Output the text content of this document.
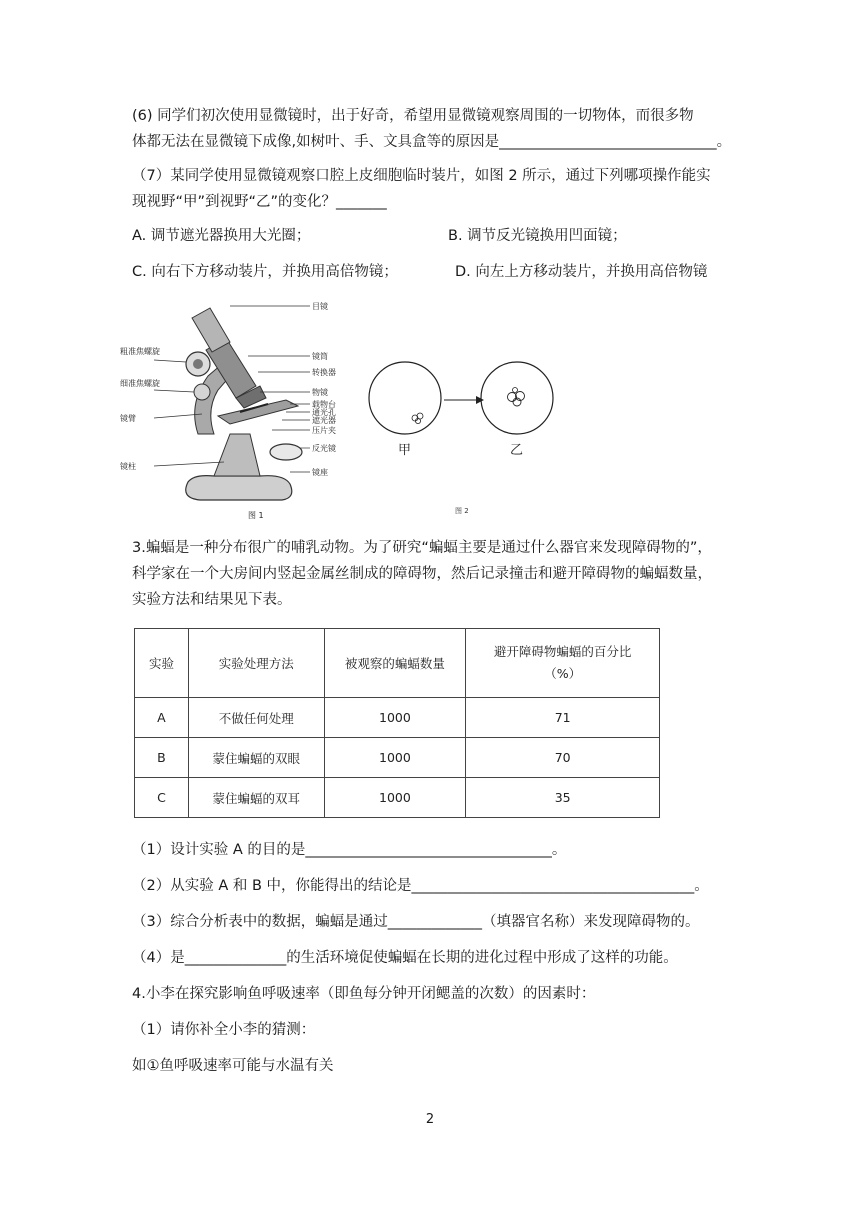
(6) 同学们初次使用显微镜时，出于好奇，希望用显微镜观察周围的一切物体，而很多物
体都无法在显微镜下成像,如树叶、手、文具盒等的原因是______________________________。
（7）某同学使用显微镜观察口腔上皮细胞临时装片，如图 2 所示，通过下列哪项操作能实
现视野“甲”到视野“乙”的变化？_______
A. 调节遮光器换用大光圈；	B. 调节反光镜换用凹面镜；
C. 向右下方移动装片，并换用高倍物镜；	D. 向左上方移动装片，并换用高倍物镜
目镜
镜筒
转换器
物镜
载物台
通光孔
遮光器
压片夹
反光镜
镜座
粗准焦螺旋
细准焦螺旋
镜臂
镜柱
图 1
甲	乙
图 2
3.蝙蝠是一种分布很广的哺乳动物。为了研究“蝙蝠主要是通过什么器官来发现障碍物的”，
科学家在一个大房间内竖起金属丝制成的障碍物，然后记录撞击和避开障碍物的蝙蝠数量，
实验方法和结果见下表。
实验	实验处理方法	被观察的蝙蝠数量	避开障碍物蝙蝠的百分比（%）
A	不做任何处理	1000	71
B	蒙住蝙蝠的双眼	1000	70
C	蒙住蝙蝠的双耳	1000	35
（1）设计实验 A 的目的是__________________________________。
（2）从实验 A 和 B 中，你能得出的结论是_______________________________________。
（3）综合分析表中的数据，蝙蝠是通过_____________（填器官名称）来发现障碍物的。
（4）是______________的生活环境促使蝙蝠在长期的进化过程中形成了这样的功能。
4.小李在探究影响鱼呼吸速率（即鱼每分钟开闭鳃盖的次数）的因素时：
（1）请你补全小李的猜测：
如①鱼呼吸速率可能与水温有关
2
